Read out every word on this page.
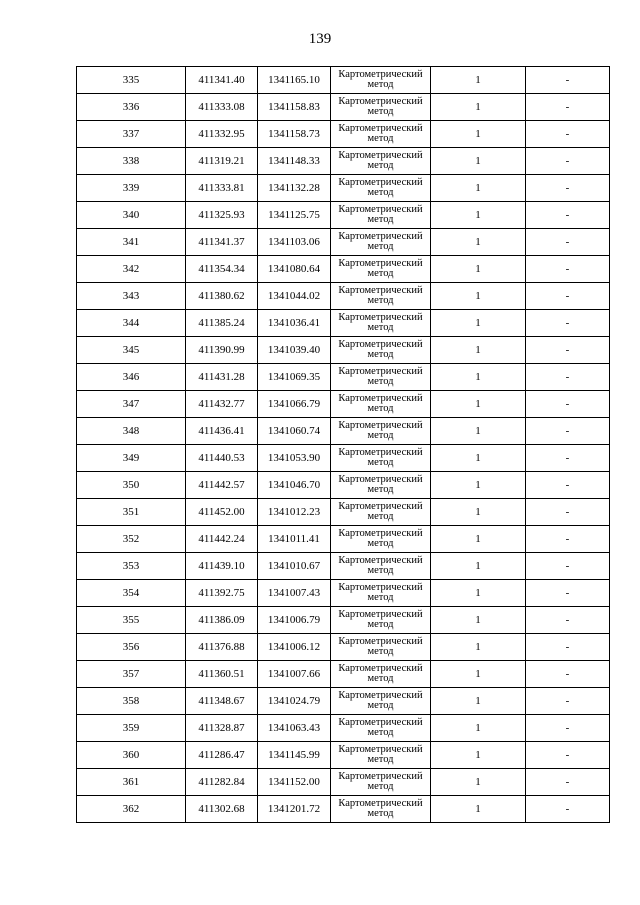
139
335	411341.40	1341165.10	Картометрический метод	1	-
336	411333.08	1341158.83	Картометрический метод	1	-
337	411332.95	1341158.73	Картометрический метод	1	-
338	411319.21	1341148.33	Картометрический метод	1	-
339	411333.81	1341132.28	Картометрический метод	1	-
340	411325.93	1341125.75	Картометрический метод	1	-
341	411341.37	1341103.06	Картометрический метод	1	-
342	411354.34	1341080.64	Картометрический метод	1	-
343	411380.62	1341044.02	Картометрический метод	1	-
344	411385.24	1341036.41	Картометрический метод	1	-
345	411390.99	1341039.40	Картометрический метод	1	-
346	411431.28	1341069.35	Картометрический метод	1	-
347	411432.77	1341066.79	Картометрический метод	1	-
348	411436.41	1341060.74	Картометрический метод	1	-
349	411440.53	1341053.90	Картометрический метод	1	-
350	411442.57	1341046.70	Картометрический метод	1	-
351	411452.00	1341012.23	Картометрический метод	1	-
352	411442.24	1341011.41	Картометрический метод	1	-
353	411439.10	1341010.67	Картометрический метод	1	-
354	411392.75	1341007.43	Картометрический метод	1	-
355	411386.09	1341006.79	Картометрический метод	1	-
356	411376.88	1341006.12	Картометрический метод	1	-
357	411360.51	1341007.66	Картометрический метод	1	-
358	411348.67	1341024.79	Картометрический метод	1	-
359	411328.87	1341063.43	Картометрический метод	1	-
360	411286.47	1341145.99	Картометрический метод	1	-
361	411282.84	1341152.00	Картометрический метод	1	-
362	411302.68	1341201.72	Картометрический метод	1	-
